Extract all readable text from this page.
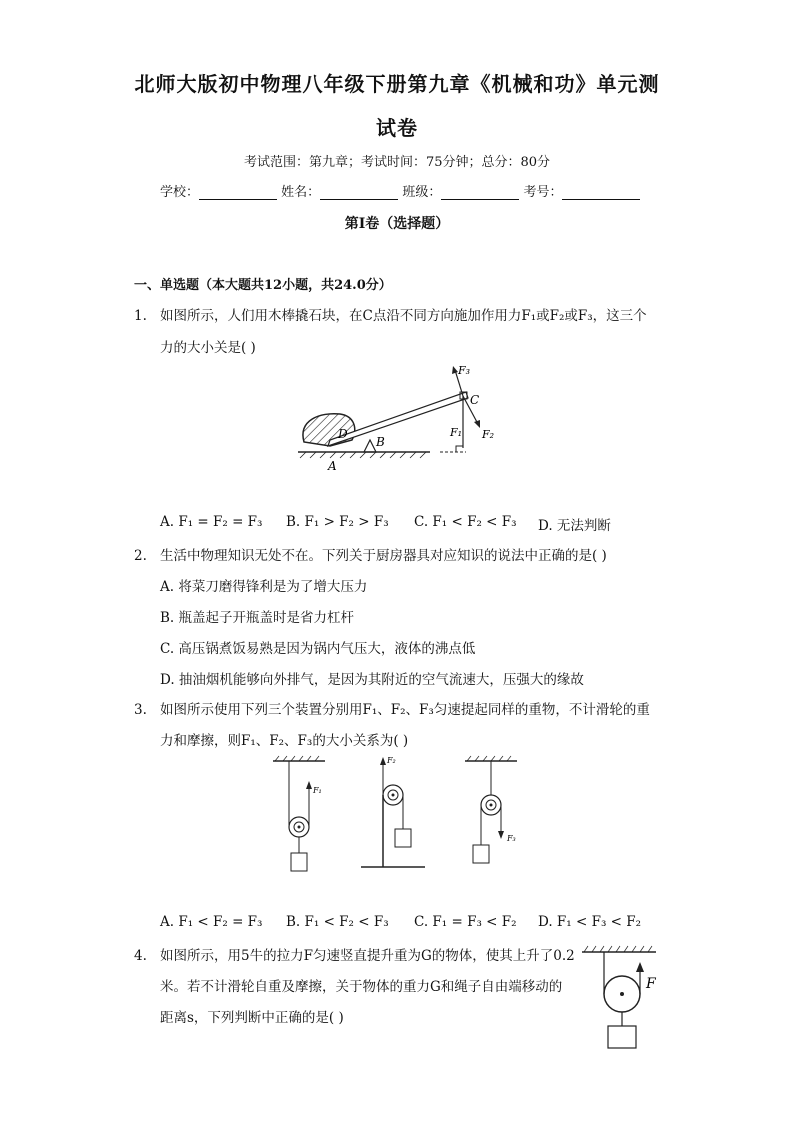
北师大版初中物理八年级下册第九章《机械和功》单元测
试卷
考试范围：第九章；考试时间：75分钟；总分：80分
学校：	姓名：	班级：	考号：
第I卷（选择题）
一、单选题（本大题共12小题，共24.0分）
1. 如图所示，人们用木棒撬石块，在C点沿不同方向施加作用力F₁或F₂或F₃，这三个
力的大小关是( )
F₃
C
D
B
A
F₁ F₂
A. F₁ = F₂ = F₃ B. F₁ > F₂ > F₃ C. F₁ < F₂ < F₃ D. 无法判断
2. 生活中物理知识无处不在。下列关于厨房器具对应知识的说法中正确的是( )
A. 将菜刀磨得锋利是为了增大压力
B. 瓶盖起子开瓶盖时是省力杠杆
C. 高压锅煮饭易熟是因为锅内气压大，液体的沸点低
D. 抽油烟机能够向外排气，是因为其附近的空气流速大，压强大的缘故
3. 如图所示使用下列三个装置分别用F₁、F₂、F₃匀速提起同样的重物，不计滑轮的重
力和摩擦，则F₁、F₂、F₃的大小关系为( )
F₁
F₂
F₃
A. F₁ < F₂ = F₃ B. F₁ < F₂ < F₃ C. F₁ = F₃ < F₂ D. F₁ < F₃ < F₂
4. 如图所示，用5牛的拉力F匀速竖直提升重为G的物体，使其上升了0.2
米。若不计滑轮自重及摩擦，关于物体的重力G和绳子自由端移动的
距离s，下列判断中正确的是( )
F
